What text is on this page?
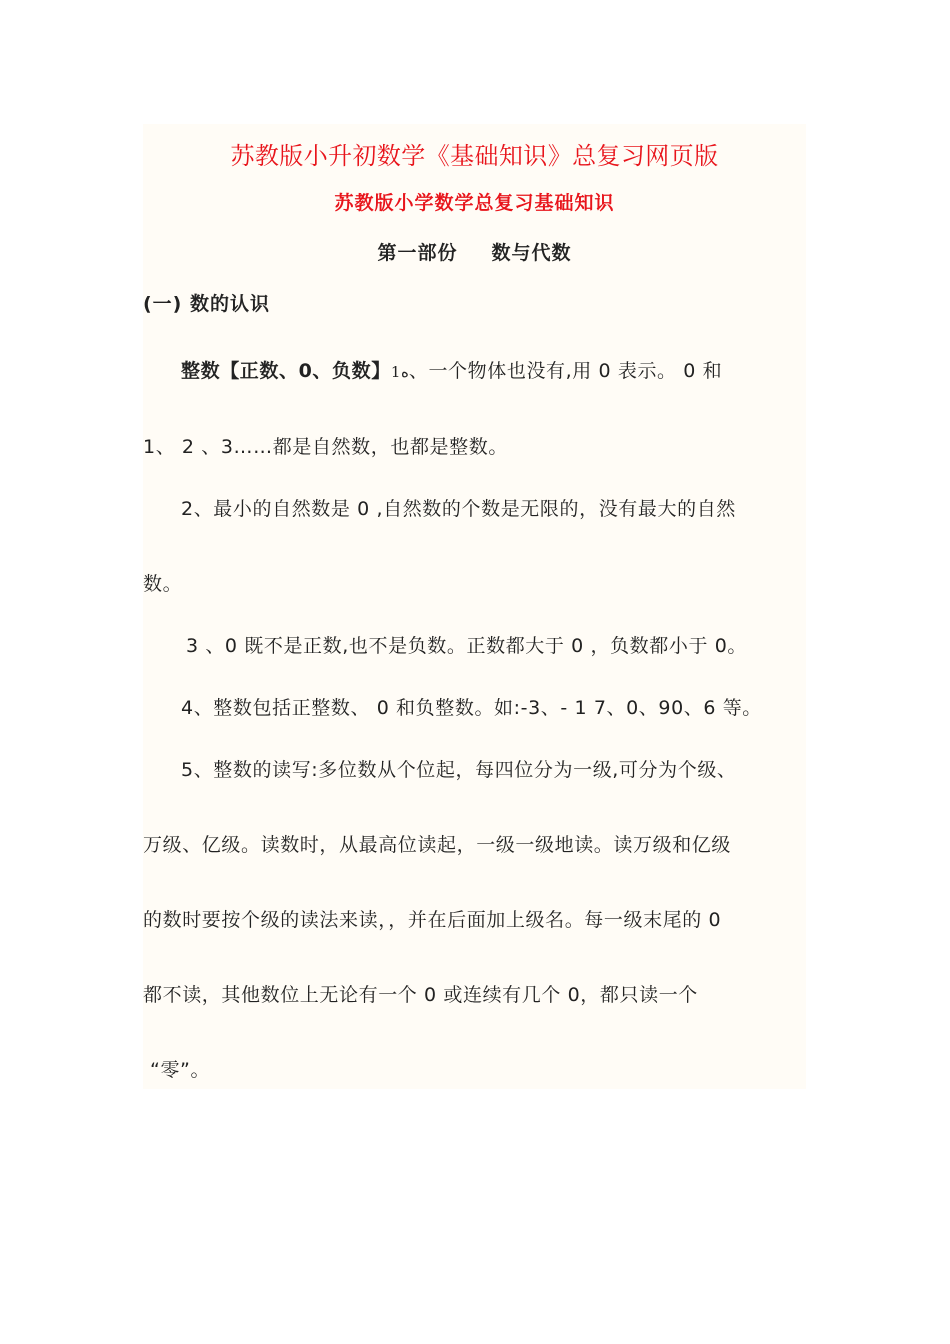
苏教版小升初数学《基础知识》总复习网页版
苏教版小学数学总复习基础知识
第一部份 数与代数
(一) 数的认识
整数【正数、0、负数】1ه、一个物体也没有,用 0 表示。 0 和
1、 2 、3……都是自然数，也都是整数。
2、最小的自然数是 0 ,自然数的个数是无限的，没有最大的自然
数。
3 、0 既不是正数,也不是负数。正数都大于 0 ，负数都小于 0。
4、整数包括正整数、 0 和负整数。如:-3、- 1 7、0、90、6 等。
5、整数的读写:多位数从个位起，每四位分为一级,可分为个级、
万级、亿级。读数时，从最高位读起，一级一级地读。读万级和亿级
的数时要按个级的读法来读，，并在后面加上级名。每一级末尾的 0
都不读，其他数位上无论有一个 0 或连续有几个 0，都只读一个
“零”。
